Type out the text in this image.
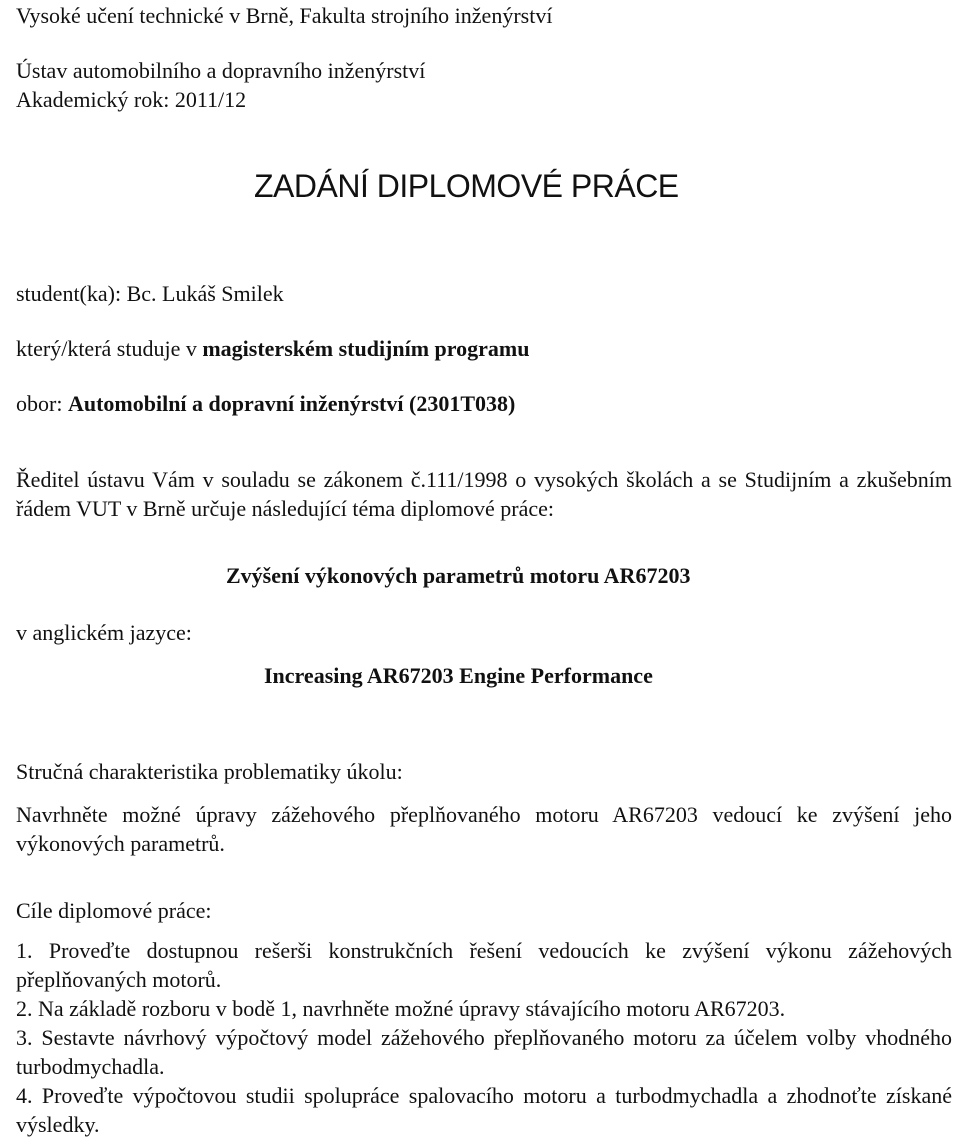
Vysoké učení technické v Brně, Fakulta strojního inženýrství
Ústav automobilního a dopravního inženýrství
Akademický rok: 2011/12
ZADÁNÍ DIPLOMOVÉ PRÁCE
student(ka): Bc. Lukáš Smilek
který/která studuje v magisterském studijním programu
obor: Automobilní a dopravní inženýrství (2301T038)

Ředitel ústavu Vám v souladu se zákonem č.111/1998 o vysokých školách a se Studijním a zkušebním řádem VUT v Brně určuje následující téma diplomové práce:

Zvýšení výkonových parametrů motoru AR67203
v anglickém jazyce:
Increasing AR67203 Engine Performance
Stručná charakteristika problematiky úkolu:

Navrhněte možné úpravy zážehového přeplňovaného motoru AR67203 vedoucí ke zvýšení jeho výkonových parametrů.

Cíle diplomové práce:
1. Proveďte dostupnou rešerši konstrukčních řešení vedoucích ke zvýšení výkonu zážehových přeplňovaných motorů.
2. Na základě rozboru v bodě 1, navrhněte možné úpravy stávajícího motoru AR67203.
3. Sestavte návrhový výpočtový model zážehového přeplňovaného motoru za účelem volby vhodného turbodmychadla.
4. Proveďte výpočtovou studii spolupráce spalovacího motoru a turbodmychadla a zhodnoťte získané výsledky.
